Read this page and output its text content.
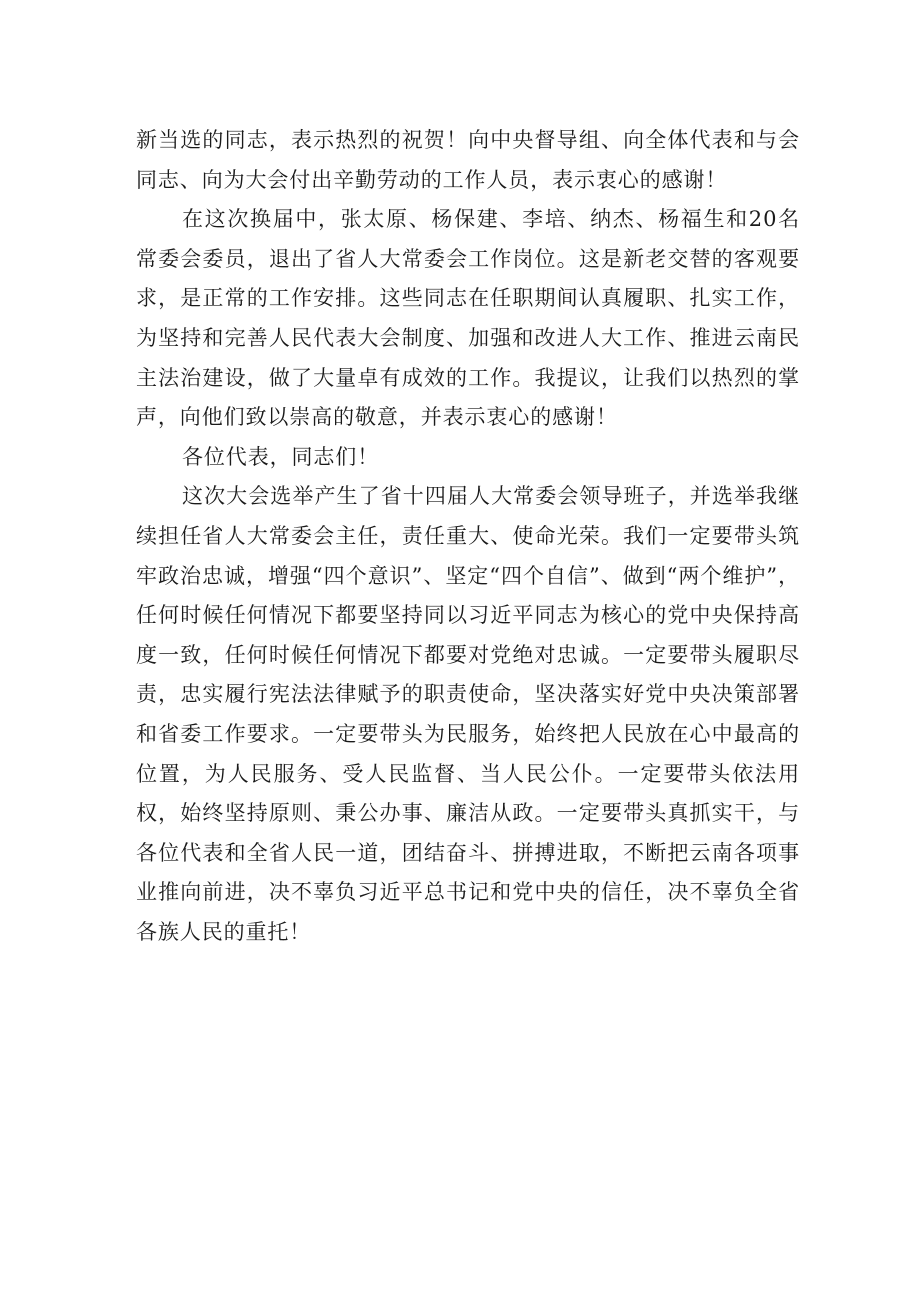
新当选的同志，表示热烈的祝贺！向中央督导组、向全体代表和与会同志、向为大会付出辛勤劳动的工作人员，表示衷心的感谢！

在这次换届中，张太原、杨保建、李培、纳杰、杨福生和20名常委会委员，退出了省人大常委会工作岗位。这是新老交替的客观要求，是正常的工作安排。这些同志在任职期间认真履职、扎实工作，为坚持和完善人民代表大会制度、加强和改进人大工作、推进云南民主法治建设，做了大量卓有成效的工作。我提议，让我们以热烈的掌声，向他们致以崇高的敬意，并表示衷心的感谢！

各位代表，同志们！

这次大会选举产生了省十四届人大常委会领导班子，并选举我继续担任省人大常委会主任，责任重大、使命光荣。我们一定要带头筑牢政治忠诚，增强“四个意识”、坚定“四个自信”、做到“两个维护”，任何时候任何情况下都要坚持同以习近平同志为核心的党中央保持高度一致，任何时候任何情况下都要对党绝对忠诚。一定要带头履职尽责，忠实履行宪法法律赋予的职责使命，坚决落实好党中央决策部署和省委工作要求。一定要带头为民服务，始终把人民放在心中最高的位置，为人民服务、受人民监督、当人民公仆。一定要带头依法用权，始终坚持原则、秉公办事、廉洁从政。一定要带头真抓实干，与各位代表和全省人民一道，团结奋斗、拼搏进取，不断把云南各项事业推向前进，决不辜负习近平总书记和党中央的信任，决不辜负全省各族人民的重托！
